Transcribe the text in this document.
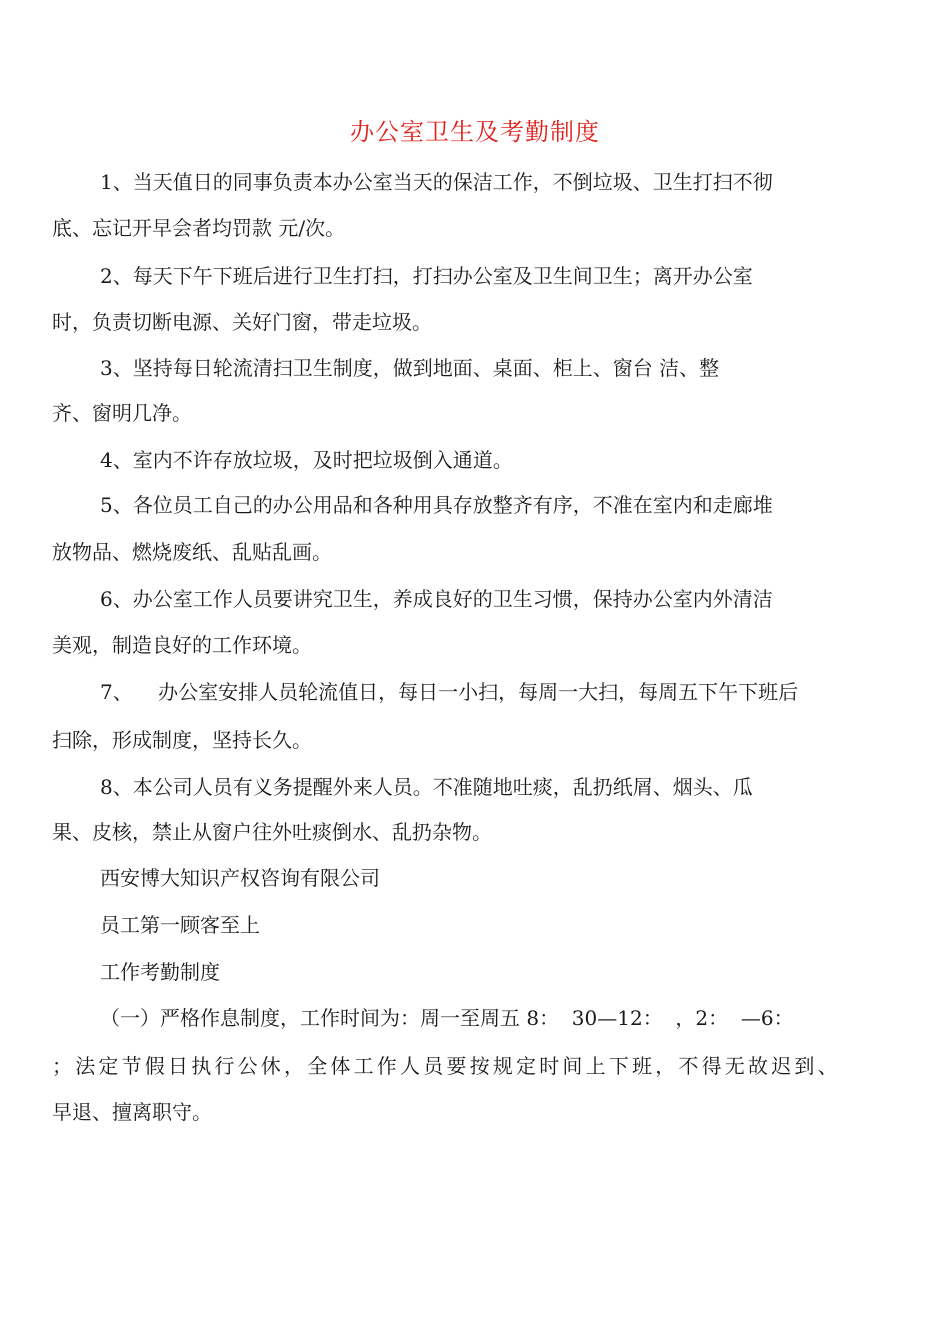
办公室卫生及考勤制度
1、当天值日的同事负责本办公室当天的保洁工作，不倒垃圾、卫生打扫不彻
底、忘记开早会者均罚款 元/次。
2、每天下午下班后进行卫生打扫，打扫办公室及卫生间卫生；离开办公室
时，负责切断电源、关好门窗，带走垃圾。
3、坚持每日轮流清扫卫生制度，做到地面、桌面、柜上、窗台 洁、整
齐、窗明几净。
4、室内不许存放垃圾，及时把垃圾倒入通道。
5、各位员工自己的办公用品和各种用具存放整齐有序，不准在室内和走廊堆
放物品、燃烧废纸、乱贴乱画。
6、办公室工作人员要讲究卫生，养成良好的卫生习惯，保持办公室内外清洁
美观，制造良好的工作环境。
7、    办公室安排人员轮流值日，每日一小扫，每周一大扫，每周五下午下班后
扫除，形成制度，坚持长久。
8、本公司人员有义务提醒外来人员。不准随地吐痰，乱扔纸屑、烟头、瓜
果、皮核，禁止从窗户往外吐痰倒水、乱扔杂物。
西安博大知识产权咨询有限公司
员工第一顾客至上
工作考勤制度
（一）严格作息制度，工作时间为：周一至周五 8：  30—12：  ，2：  —6：
；法定节假日执行公休，全体工作人员要按规定时间上下班，不得无故迟到、
早退、擅离职守。
